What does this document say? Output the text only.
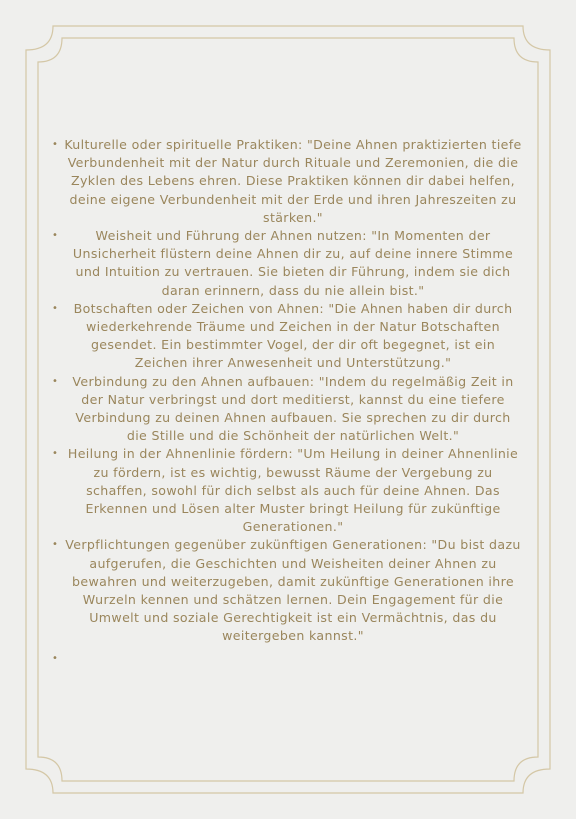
• Kulturelle oder spirituelle Praktiken: "Deine Ahnen praktizierten tiefe Verbundenheit mit der Natur durch Rituale und Zeremonien, die die Zyklen des Lebens ehren. Diese Praktiken können dir dabei helfen, deine eigene Verbundenheit mit der Erde und ihren Jahreszeiten zu stärken."
•	Weisheit und Führung der Ahnen nutzen: "In Momenten der Unsicherheit flüstern deine Ahnen dir zu, auf deine innere Stimme und Intuition zu vertrauen. Sie bieten dir Führung, indem sie dich daran erinnern, dass du nie allein bist."
• Botschaften oder Zeichen von Ahnen: "Die Ahnen haben dir durch wiederkehrende Träume und Zeichen in der Natur Botschaften gesendet. Ein bestimmter Vogel, der dir oft begegnet, ist ein Zeichen ihrer Anwesenheit und Unterstützung."
• Verbindung zu den Ahnen aufbauen: "Indem du regelmäßig Zeit in der Natur verbringst und dort meditierst, kannst du eine tiefere Verbindung zu deinen Ahnen aufbauen. Sie sprechen zu dir durch die Stille und die Schönheit der natürlichen Welt."
• Heilung in der Ahnenlinie fördern: "Um Heilung in deiner Ahnenlinie zu fördern, ist es wichtig, bewusst Räume der Vergebung zu schaffen, sowohl für dich selbst als auch für deine Ahnen. Das Erkennen und Lösen alter Muster bringt Heilung für zukünftige Generationen."
• Verpflichtungen gegenüber zukünftigen Generationen: "Du bist dazu aufgerufen, die Geschichten und Weisheiten deiner Ahnen zu bewahren und weiterzugeben, damit zukünftige Generationen ihre Wurzeln kennen und schätzen lernen. Dein Engagement für die Umwelt und soziale Gerechtigkeit ist ein Vermächtnis, das du weitergeben kannst."
•
